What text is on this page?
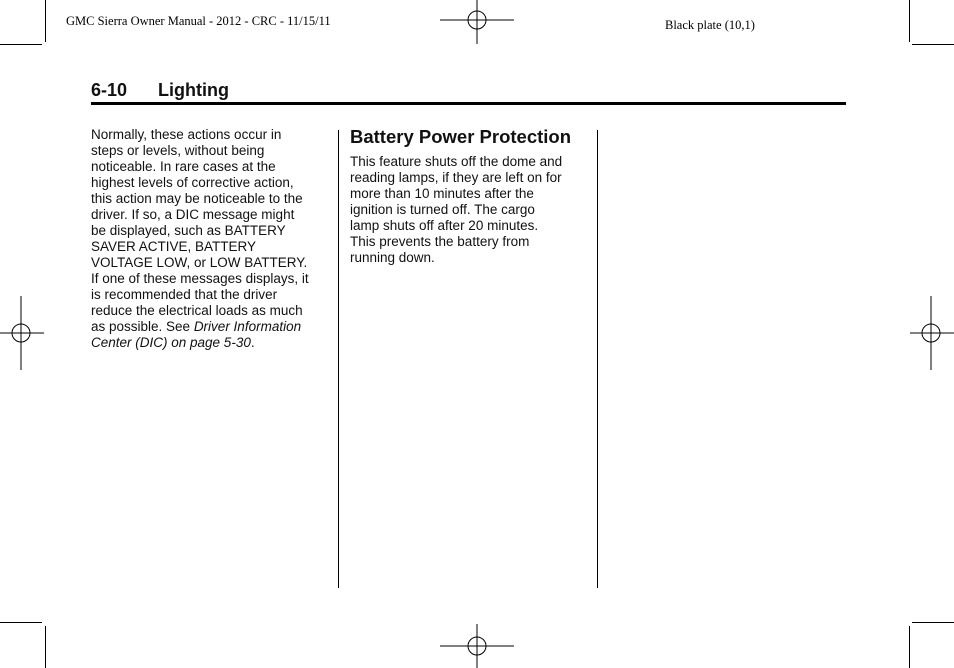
GMC Sierra Owner Manual - 2012 - CRC - 11/15/11	Black plate (10,1)
6-10 Lighting

Normally, these actions occur in
steps or levels, without being
noticeable. In rare cases at the
highest levels of corrective action,
this action may be noticeable to the
driver. If so, a DIC message might
be displayed, such as BATTERY
SAVER ACTIVE, BATTERY
VOLTAGE LOW, or LOW BATTERY.
If one of these messages displays, it
is recommended that the driver
reduce the electrical loads as much
as possible. See Driver Information
Center (DIC) on page 5-30.

Battery Power Protection

This feature shuts off the dome and
reading lamps, if they are left on for
more than 10 minutes after the
ignition is turned off. The cargo
lamp shuts off after 20 minutes.
This prevents the battery from
running down.
